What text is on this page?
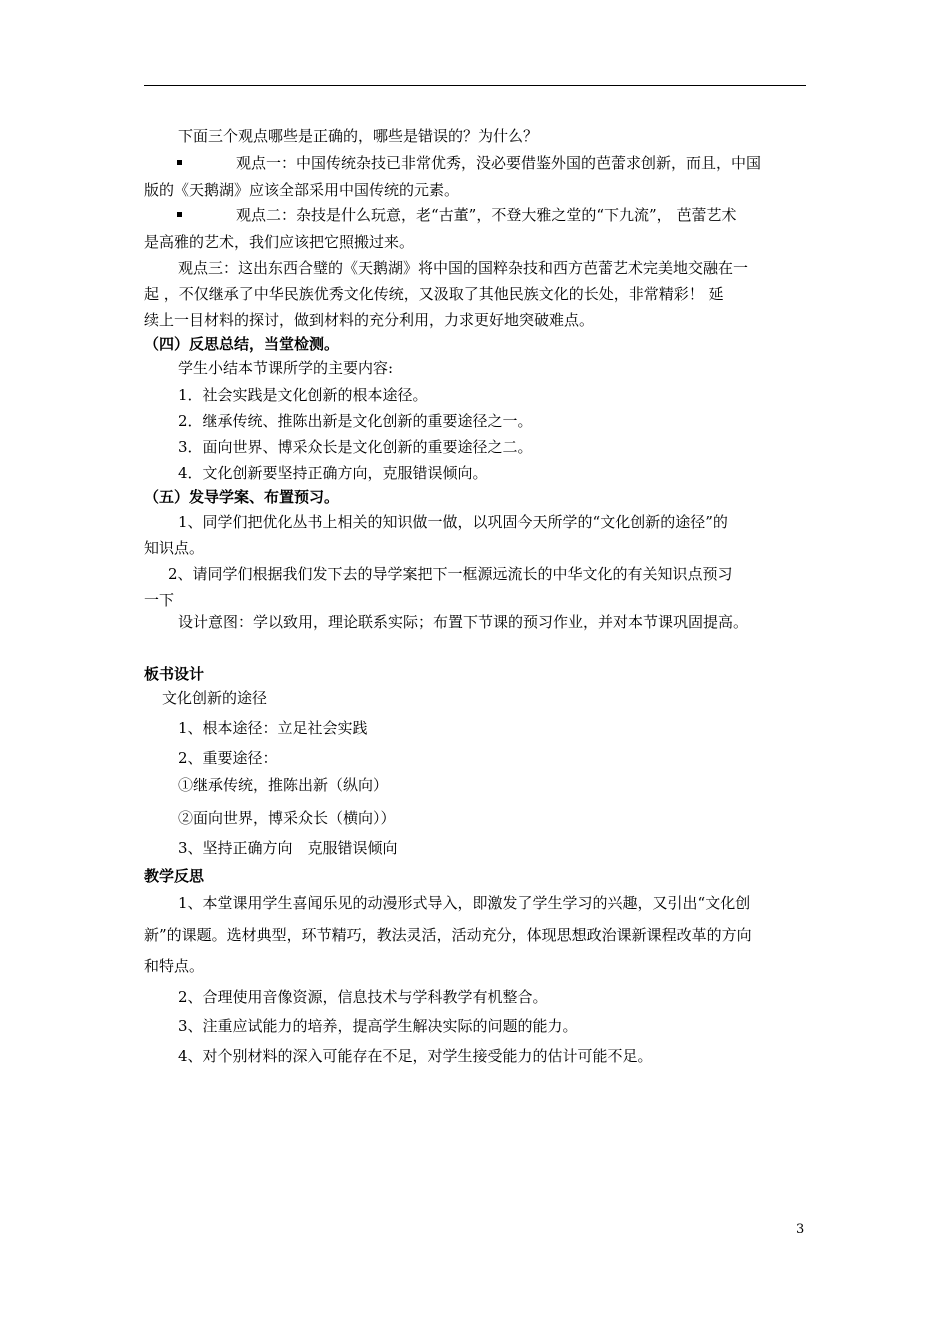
下面三个观点哪些是正确的，哪些是错误的？为什么？
观点一：中国传统杂技已非常优秀，没必要借鉴外国的芭蕾求创新，而且，中国
版的《天鹅湖》应该全部采用中国传统的元素。
观点二：杂技是什么玩意，老“古董”，不登大雅之堂的“下九流”， 芭蕾艺术
是高雅的艺术，我们应该把它照搬过来。
观点三：这出东西合璧的《天鹅湖》将中国的国粹杂技和西方芭蕾艺术完美地交融在一
起 ，不仅继承了中华民族优秀文化传统，又汲取了其他民族文化的长处，非常精彩！ 延
续上一目材料的探讨，做到材料的充分利用，力求更好地突破难点。
（四）反思总结，当堂检测。
学生小结本节课所学的主要内容:
1．社会实践是文化创新的根本途径。
2．继承传统、推陈出新是文化创新的重要途径之一。
3．面向世界、博采众长是文化创新的重要途径之二。
4．文化创新要坚持正确方向，克服错误倾向。
（五）发导学案、布置预习。
1、同学们把优化丛书上相关的知识做一做，以巩固今天所学的“文化创新的途径”的
知识点。
2、请同学们根据我们发下去的导学案把下一框源远流长的中华文化的有关知识点预习
一下
设计意图：学以致用，理论联系实际；布置下节课的预习作业，并对本节课巩固提高。
板书设计
文化创新的途径
1、根本途径：立足社会实践
2、重要途径：
①继承传统，推陈出新（纵向）
②面向世界，博采众长（横向））
3、坚持正确方向　克服错误倾向
教学反思
1、本堂课用学生喜闻乐见的动漫形式导入，即激发了学生学习的兴趣，又引出“文化创
新”的课题。选材典型，环节精巧，教法灵活，活动充分，体现思想政治课新课程改革的方向
和特点。
2、合理使用音像资源，信息技术与学科教学有机整合。
3、注重应试能力的培养，提高学生解决实际的问题的能力。
4、对个别材料的深入可能存在不足，对学生接受能力的估计可能不足。
3
